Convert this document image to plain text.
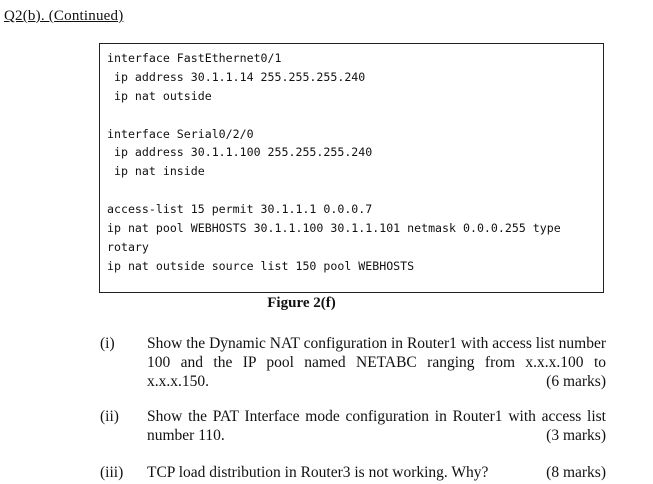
Q2(b). (Continued)
interface FastEthernet0/1
ip address 30.1.1.14 255.255.255.240
ip nat outside
interface Serial0/2/0
ip address 30.1.1.100 255.255.255.240
ip nat inside
access-list 15 permit 30.1.1.1 0.0.0.7
ip nat pool WEBHOSTS 30.1.1.100 30.1.1.101 netmask 0.0.0.255 type rotary
ip nat outside source list 150 pool WEBHOSTS
Figure 2(f)
(i) Show the Dynamic NAT configuration in Router1 with access list number 100 and the IP pool named NETABC ranging from x.x.x.100 to x.x.x.150.	(6 marks)
(ii) Show the PAT Interface mode configuration in Router1 with access list number 110.	(3 marks)
(iii) TCP load distribution in Router3 is not working. Why?	(8 marks)
